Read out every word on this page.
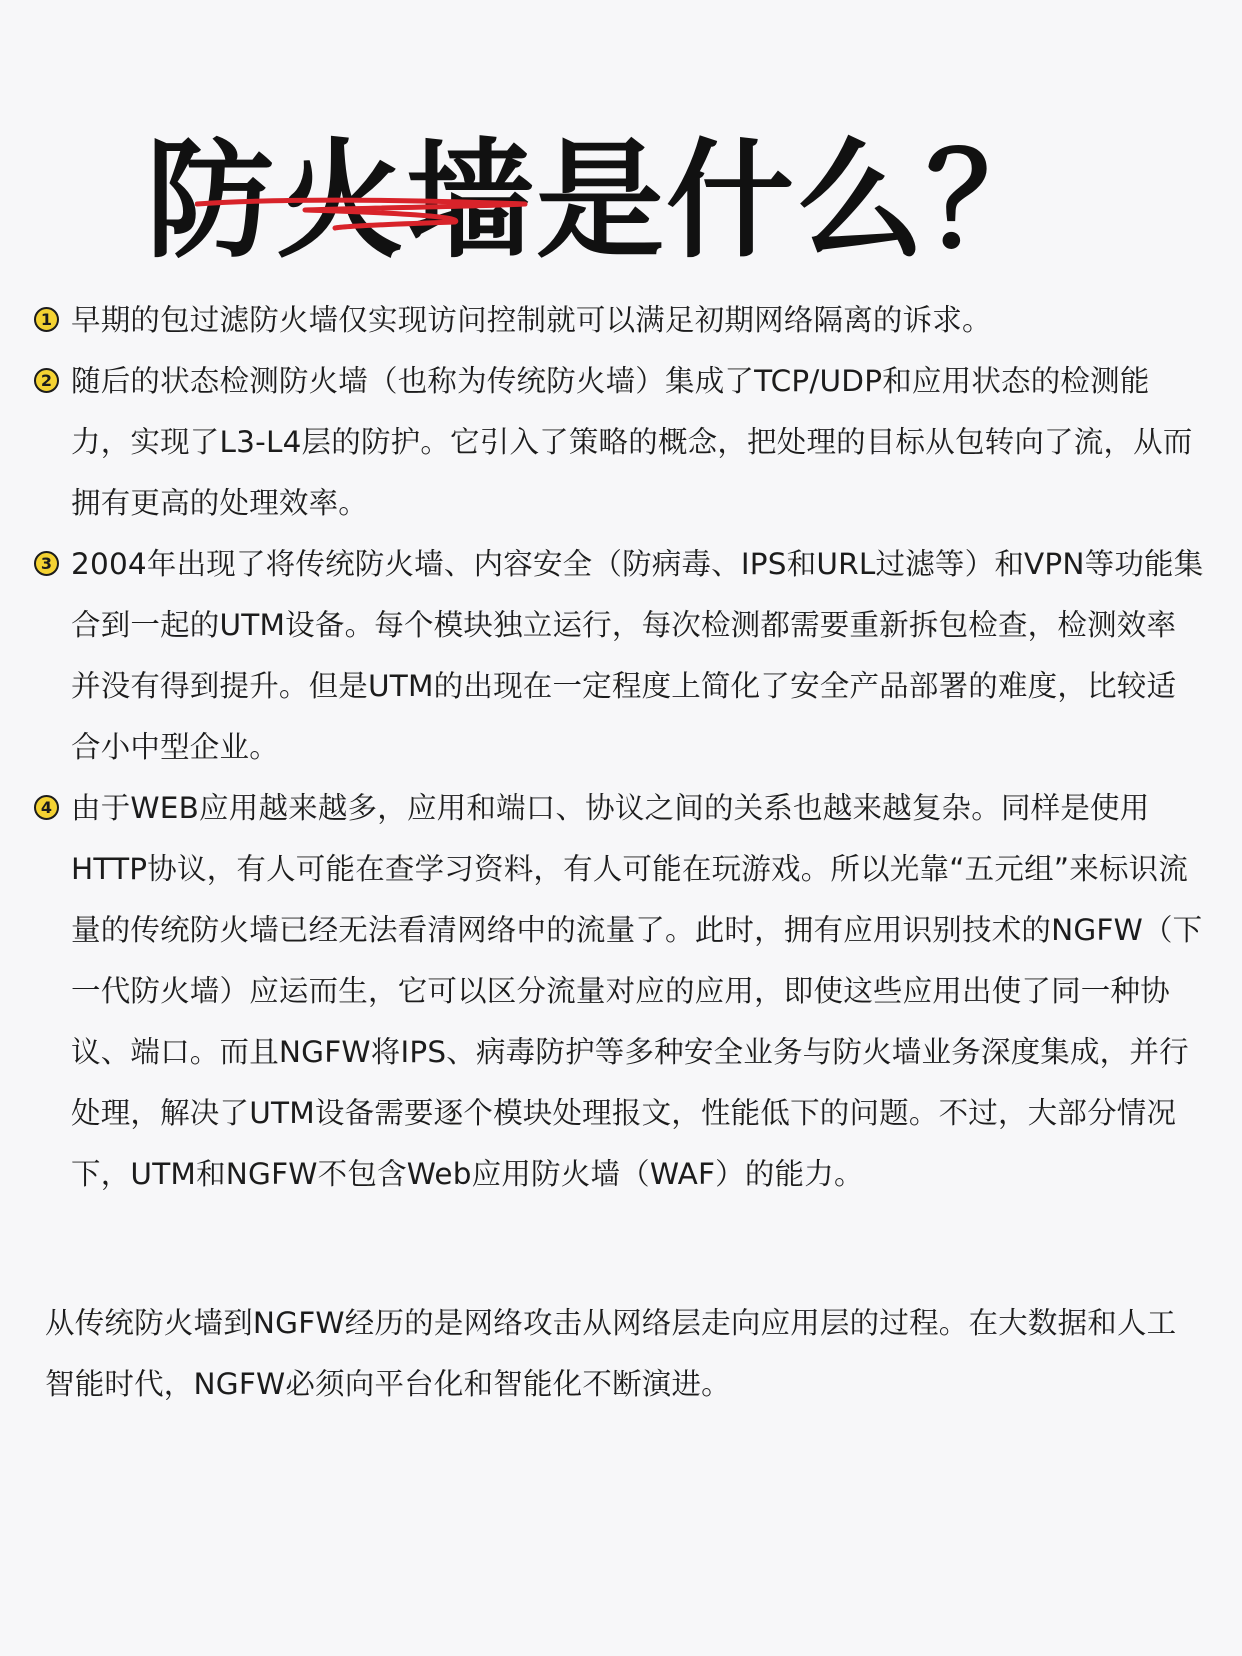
防火墙是什么？
1 早期的包过滤防火墙仅实现访问控制就可以满足初期网络隔离的诉求。
2 随后的状态检测防火墙（也称为传统防火墙）集成了TCP/UDP和应用状态的检测能力，实现了L3-L4层的防护。它引入了策略的概念，把处理的目标从包转向了流，从而拥有更高的处理效率。
3 2004年出现了将传统防火墙、内容安全（防病毒、IPS和URL过滤等）和VPN等功能集合到一起的UTM设备。每个模块独立运行，每次检测都需要重新拆包检查，检测效率并没有得到提升。但是UTM的出现在一定程度上简化了安全产品部署的难度，比较适合小中型企业。
4 由于WEB应用越来越多，应用和端口、协议之间的关系也越来越复杂。同样是使用HTTP协议，有人可能在查学习资料，有人可能在玩游戏。所以光靠“五元组”来标识流量的传统防火墙已经无法看清网络中的流量了。此时，拥有应用识别技术的NGFW（下一代防火墙）应运而生，它可以区分流量对应的应用，即使这些应用出使了同一种协议、端口。而且NGFW将IPS、病毒防护等多种安全业务与防火墙业务深度集成，并行处理，解决了UTM设备需要逐个模块处理报文，性能低下的问题。不过，大部分情况下，UTM和NGFW不包含Web应用防火墙（WAF）的能力。

从传统防火墙到NGFW经历的是网络攻击从网络层走向应用层的过程。在大数据和人工智能时代，NGFW必须向平台化和智能化不断演进。
